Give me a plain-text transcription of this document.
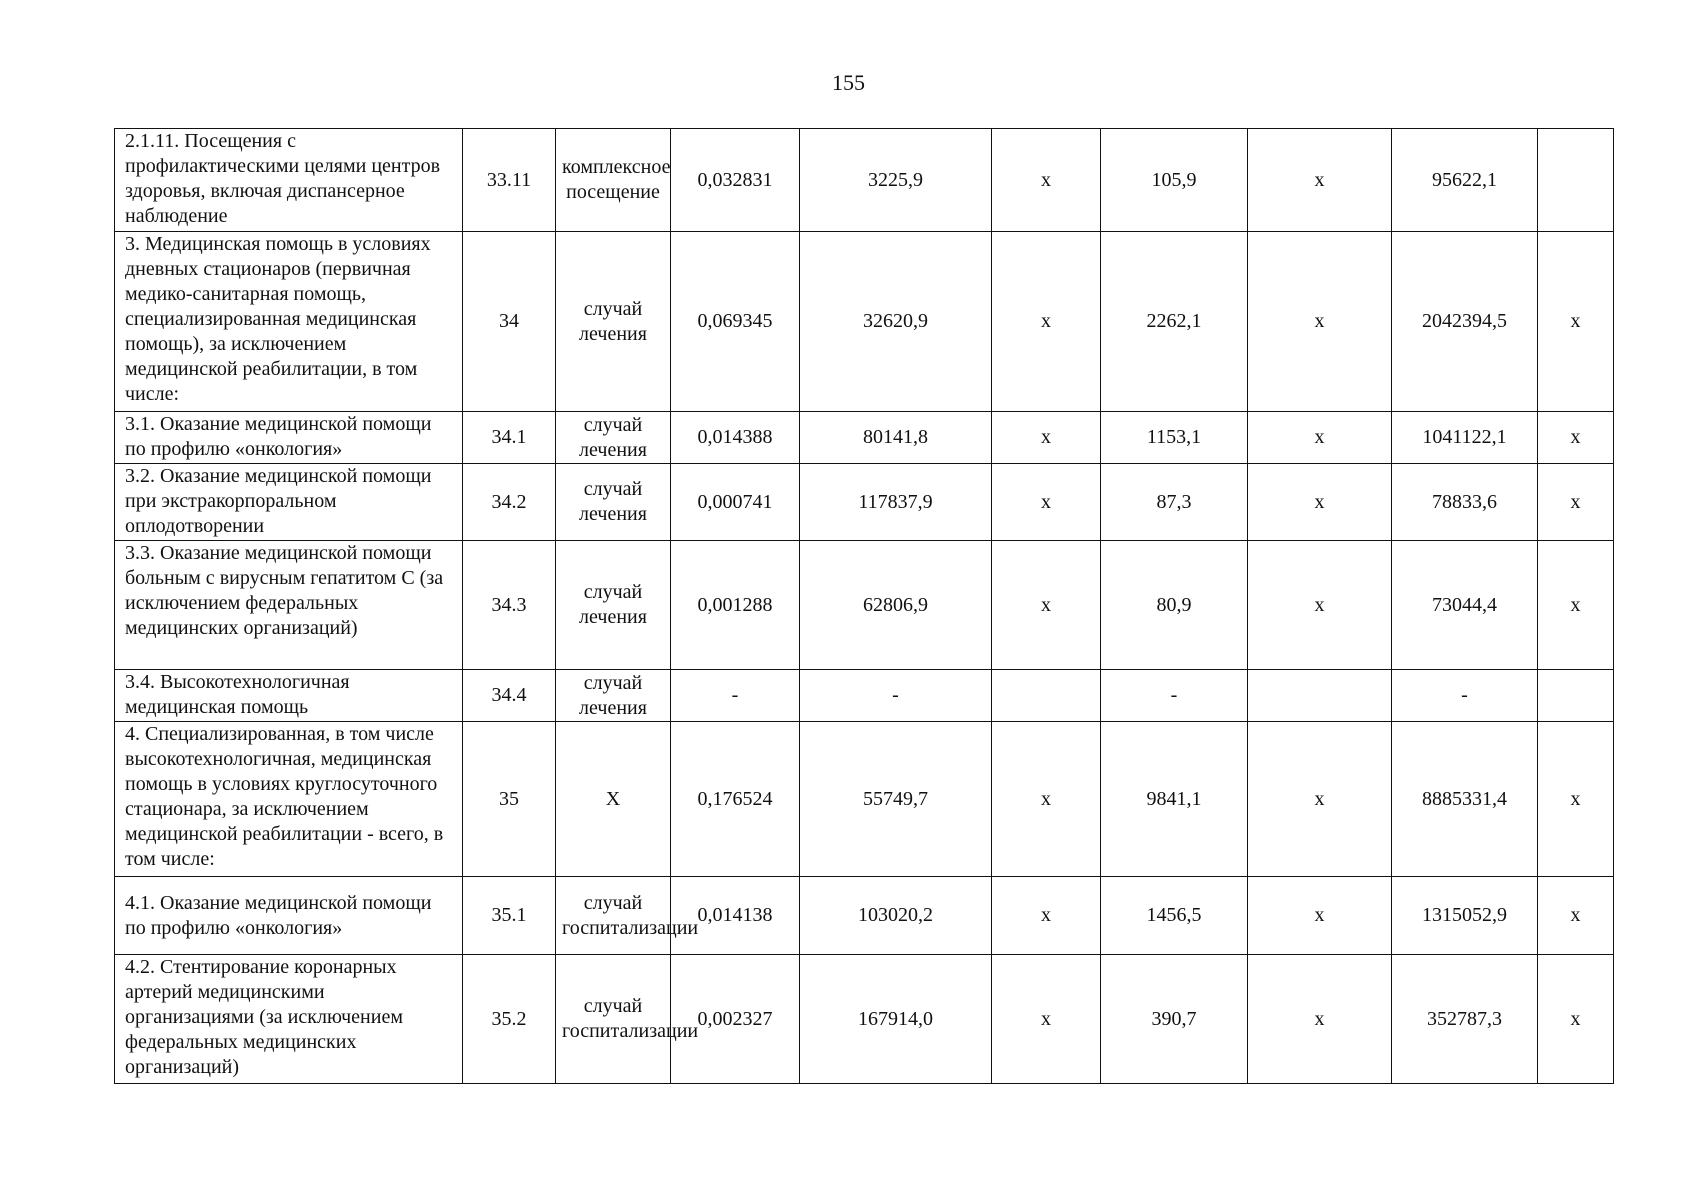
155
2.1.11. Посещения с профилактическими целями центров здоровья, включая диспансерное наблюдение	33.11	комплексное посещение	0,032831	3225,9	х	105,9	х	95622,1	
3. Медицинская помощь в условиях дневных стационаров (первичная медико-санитарная помощь, специализированная медицинская помощь), за исключением медицинской реабилитации, в том числе:	34	случай лечения	0,069345	32620,9	х	2262,1	х	2042394,5	х
3.1. Оказание медицинской помощи по профилю «онкология»	34.1	случай лечения	0,014388	80141,8	х	1153,1	х	1041122,1	х
3.2. Оказание медицинской помощи при экстракорпоральном оплодотворении	34.2	случай лечения	0,000741	117837,9	х	87,3	х	78833,6	х
3.3. Оказание медицинской помощи больным с вирусным гепатитом С (за исключением федеральных медицинских организаций)	34.3	случай лечения	0,001288	62806,9	х	80,9	х	73044,4	х
3.4. Высокотехнологичная медицинская помощь	34.4	случай лечения	-	-		-		-	
4. Специализированная, в том числе высокотехнологичная, медицинская помощь в условиях круглосуточного стационара, за исключением медицинской реабилитации - всего, в том числе:	35	Х	0,176524	55749,7	х	9841,1	х	8885331,4	х
4.1. Оказание медицинской помощи по профилю «онкология»	35.1	случай госпитализации	0,014138	103020,2	х	1456,5	х	1315052,9	х
4.2. Стентирование коронарных артерий медицинскими организациями (за исключением федеральных медицинских организаций)	35.2	случай госпитализации	0,002327	167914,0	х	390,7	х	352787,3	х
